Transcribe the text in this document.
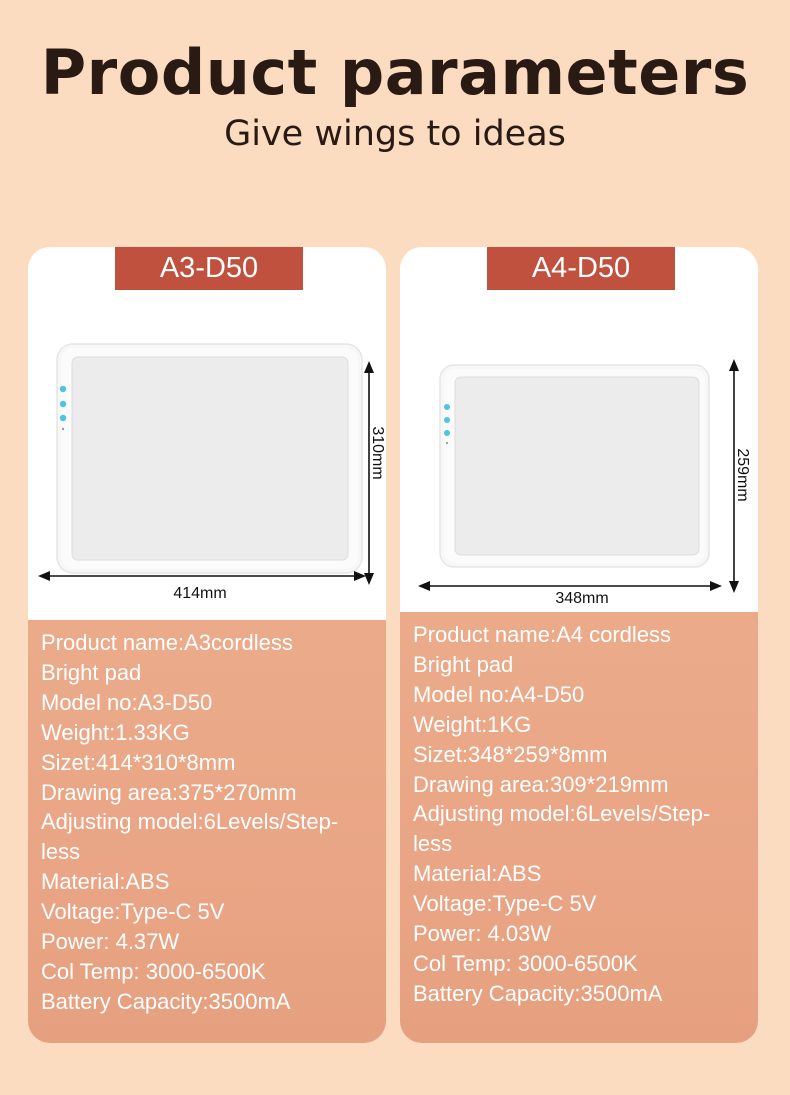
Product parameters

Give wings to ideas

414mm
310mm
A3-D50

Product name:A3cordless

Bright pad

Model no:A3-D50

Weight:1.33KG

Sizet:414*310*8mm

Drawing area:375*270mm

Adjusting model:6Levels/Step-

less

Material:ABS

Voltage:Type-C 5V

Power: 4.37W

Col Temp: 3000-6500K

Battery Capacity:3500mA

348mm
259mm
A4-D50

Product name:A4 cordless

Bright pad

Model no:A4-D50

Weight:1KG

Sizet:348*259*8mm

Drawing area:309*219mm

Adjusting model:6Levels/Step-

less

Material:ABS

Voltage:Type-C 5V

Power: 4.03W

Col Temp: 3000-6500K

Battery Capacity:3500mA
